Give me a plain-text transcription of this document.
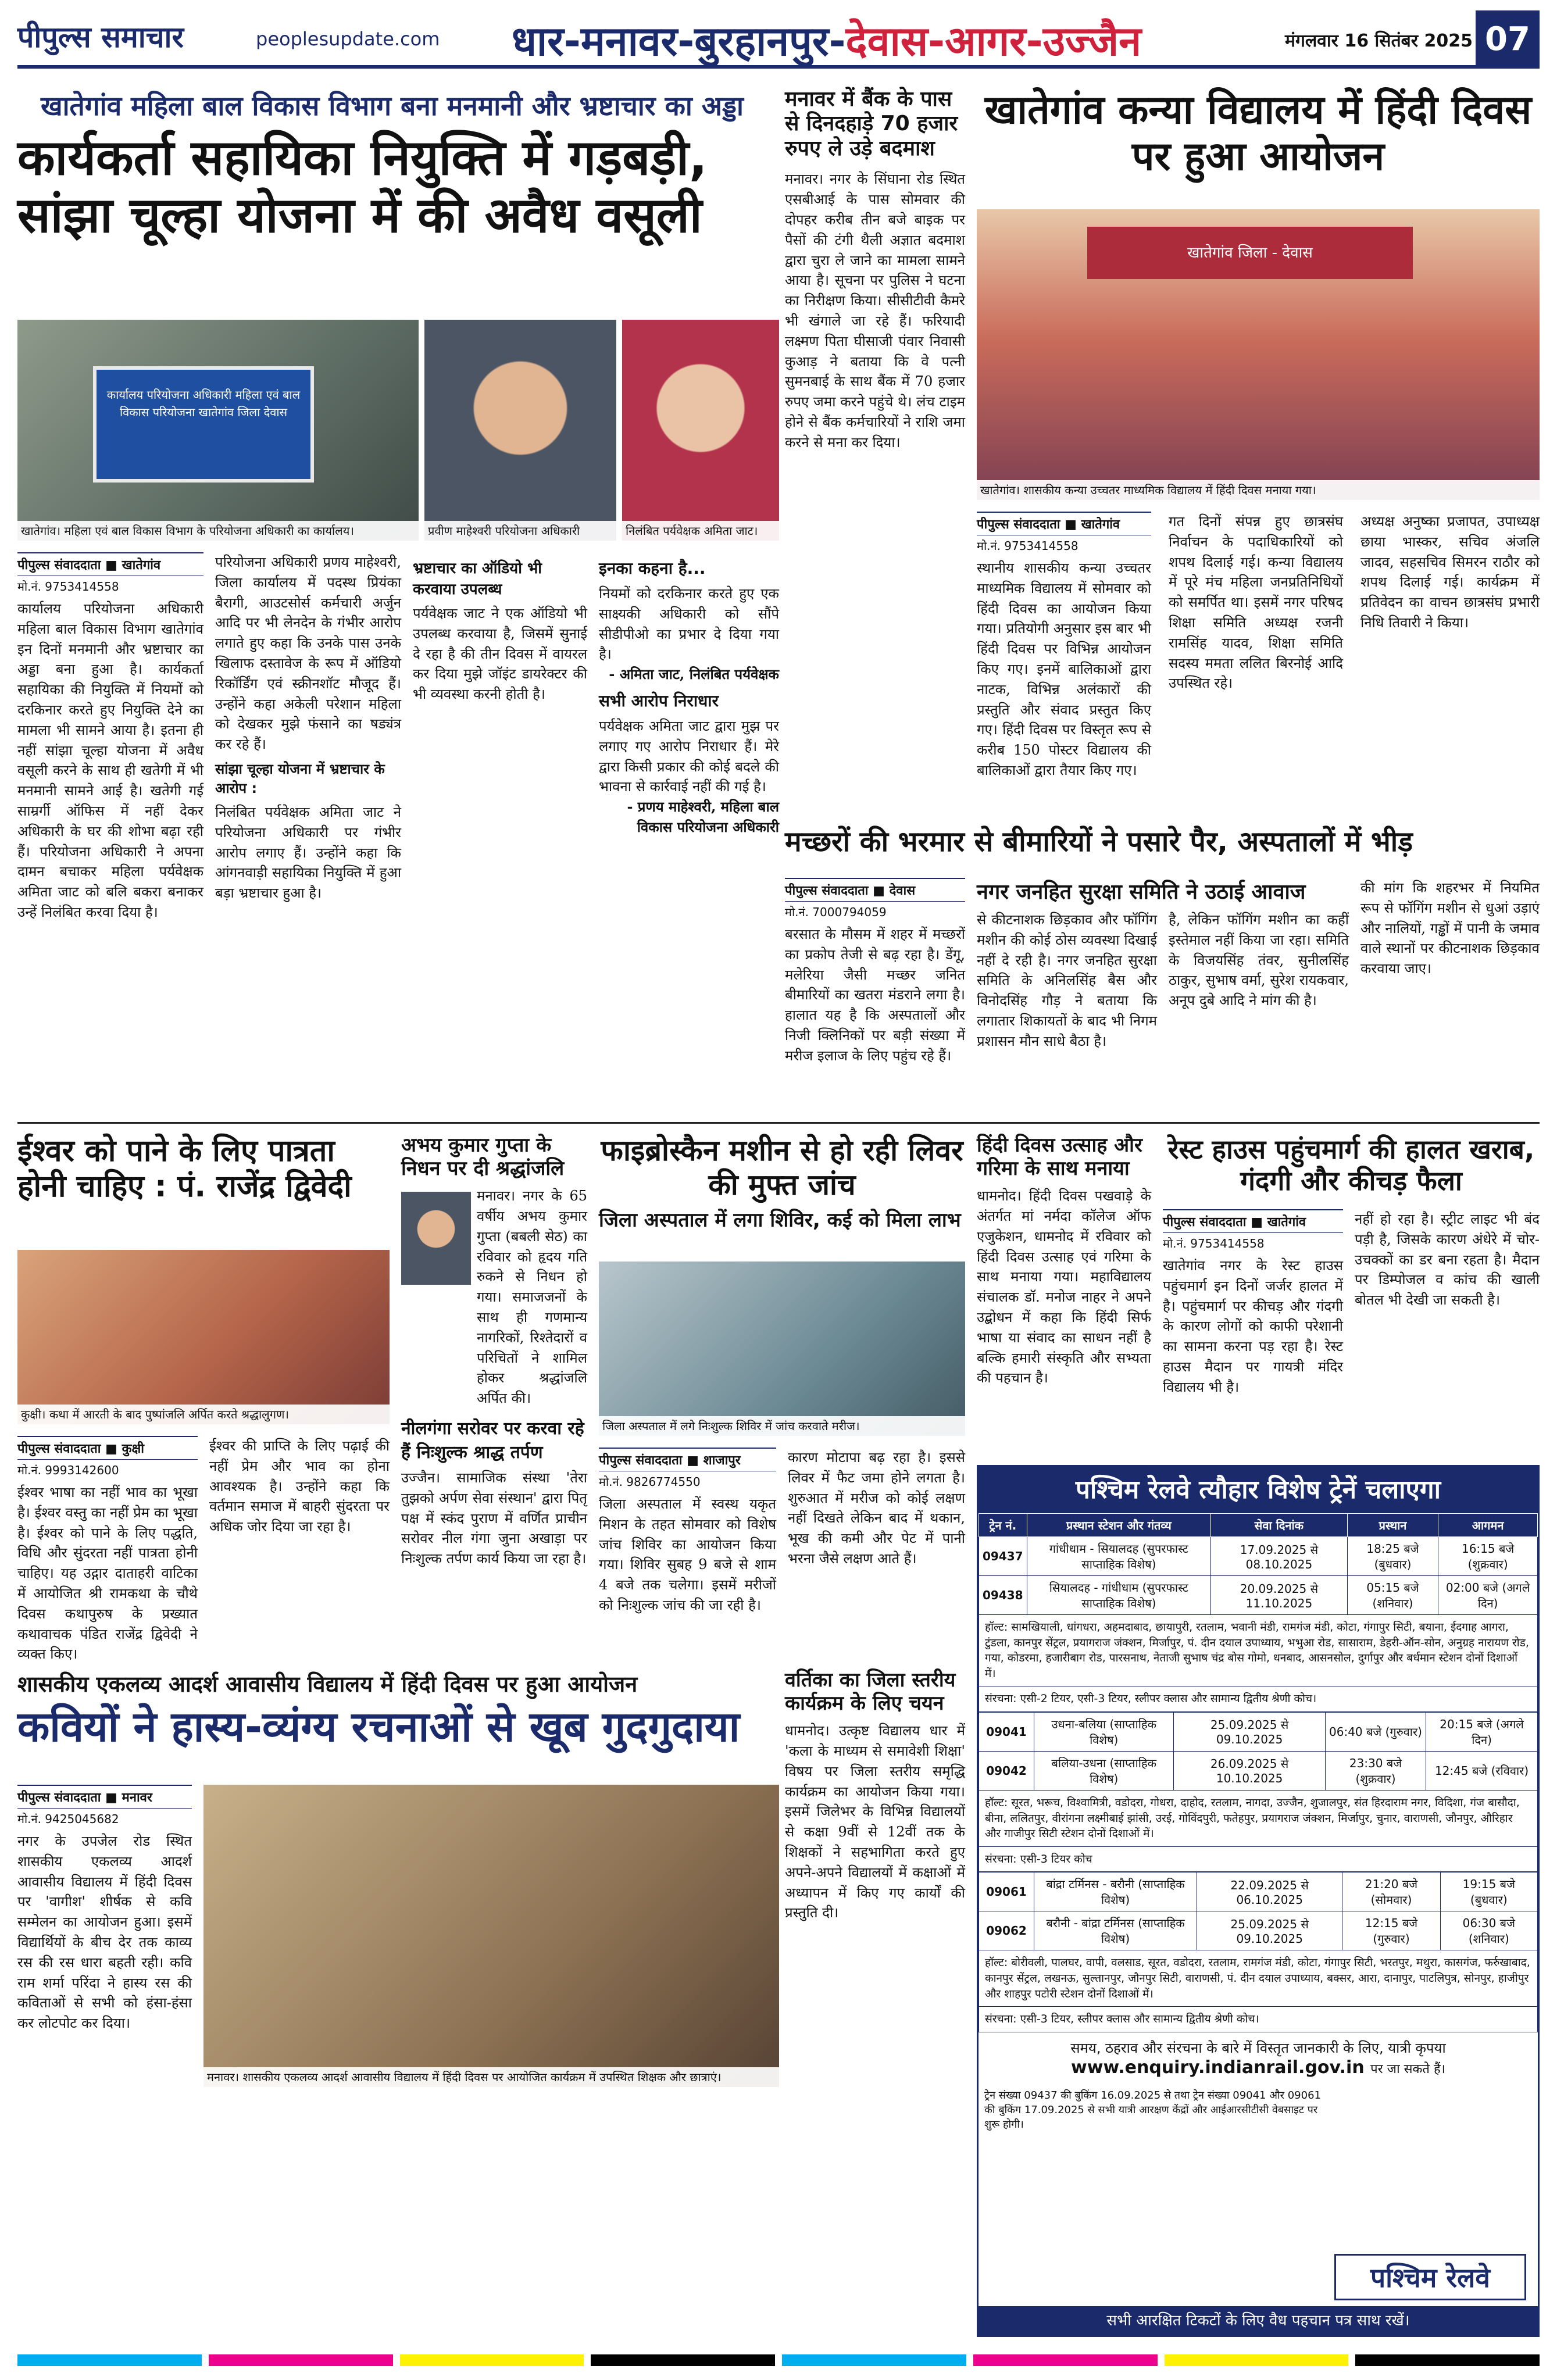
पीपुल्स समाचार	peoplesupdate.com धार-मनावर-बुरहानपुर-देवास-आगर-उज्जैन	मंगलवार 16 सितंबर 2025 07
खातेगांव महिला बाल विकास विभाग बना मनमानी और भ्रष्टाचार का अड्डा
कार्यकर्ता सहायिका नियुक्ति में गड़बड़ी, सांझा चूल्हा योजना में की अवैध वसूली
कार्यालय परियोजना अधिकारी महिला एवं बाल विकास परियोजना खातेगांव जिला देवास
खातेगांव। महिला एवं बाल विकास विभाग के परियोजना अधिकारी का कार्यालय।	प्रवीण माहेश्वरी परियोजना अधिकारी	निलंबित पर्यवेक्षक अमिता जाट।
पीपुल्स संवाददाता ■ खातेगांव
मो.नं. 9753414558
कार्यालय परियोजना अधिकारी महिला बाल विकास विभाग खातेगांव इन दिनों मनमानी और भ्रष्टाचार का अड्डा बना हुआ है। कार्यकर्ता सहायिका की नियुक्ति में नियमों को दरकिनार करते हुए नियुक्ति देने का मामला भी सामने आया है। इतना ही नहीं सांझा चूल्हा योजना में अवैध वसूली करने के साथ ही खतेगी में भी मनमानी सामने आई है। खतेगी गई साम्रर्गी ऑफिस में नहीं देकर अधिकारी के घर की शोभा बढ़ा रही हैं। परियोजना अधिकारी ने अपना दामन बचाकर महिला पर्यवेक्षक अमिता जाट को बलि बकरा बनाकर उन्हें निलंबित करवा दिया है।
परियोजना अधिकारी प्रणय माहेश्वरी, जिला कार्यालय में पदस्थ प्रियंका बैरागी, आउटसोर्स कर्मचारी अर्जुन आदि पर भी लेनदेन के गंभीर आरोप लगाते हुए कहा कि उनके पास उनके खिलाफ दस्तावेज के रूप में ऑडियो रिकॉर्डिंग एवं स्क्रीनशॉट मौजूद हैं। उन्होंने कहा अकेली परेशान महिला को देखकर मुझे फंसाने का षड्यंत्र कर रहे हैं।
सांझा चूल्हा योजना में भ्रष्टाचार के आरोप :
निलंबित पर्यवेक्षक अमिता जाट ने परियोजना अधिकारी पर गंभीर आरोप लगाए हैं। उन्होंने कहा कि आंगनवाड़ी सहायिका नियुक्ति में हुआ बड़ा भ्रष्टाचार हुआ है।
भ्रष्टाचार का ऑडियो भी करवाया उपलब्ध
पर्यवेक्षक जाट ने एक ऑडियो भी उपलब्ध करवाया है, जिसमें सुनाई दे रहा है की तीन दिवस में वायरल कर दिया मुझे जॉइंट डायरेक्टर की भी व्यवस्था करनी होती है।
इनका कहना है...
नियमों को दरकिनार करते हुए एक साक्ष्यकी अधिकारी को सौंपे सीडीपीओ का प्रभार दे दिया गया है।
- अमिता जाट, निलंबित पर्यवेक्षक
सभी आरोप निराधार
पर्यवेक्षक अमिता जाट द्वारा मुझ पर लगाए गए आरोप निराधार हैं। मेरे द्वारा किसी प्रकार की कोई बदले की भावना से कार्रवाई नहीं की गई है।
- प्रणय माहेश्वरी, महिला बाल विकास परियोजना अधिकारी
मनावर में बैंक के पास से दिनदहाड़े 70 हजार रुपए ले उड़े बदमाश
मनावर। नगर के सिंघाना रोड स्थित एसबीआई के पास सोमवार की दोपहर करीब तीन बजे बाइक पर पैसों की टंगी थैली अज्ञात बदमाश द्वारा चुरा ले जाने का मामला सामने आया है। सूचना पर पुलिस ने घटना का निरीक्षण किया। सीसीटीवी कैमरे भी खंगाले जा रहे हैं। फरियादी लक्ष्मण पिता घीसाजी पंवार निवासी कुआड़ ने बताया कि वे पत्नी सुमनबाई के साथ बैंक में 70 हजार रुपए जमा करने पहुंचे थे। लंच टाइम होने से बैंक कर्मचारियों ने राशि जमा करने से मना कर दिया।
खातेगांव कन्या विद्यालय में हिंदी दिवस पर हुआ आयोजन
खातेगांव जिला - देवास
खातेगांव। शासकीय कन्या उच्चतर माध्यमिक विद्यालय में हिंदी दिवस मनाया गया।
पीपुल्स संवाददाता ■ खातेगांव
मो.नं. 9753414558
स्थानीय शासकीय कन्या उच्चतर माध्यमिक विद्यालय में सोमवार को हिंदी दिवस का आयोजन किया गया। प्रतियोगी अनुसार इस बार भी हिंदी दिवस पर विभिन्न आयोजन किए गए। इनमें बालिकाओं द्वारा नाटक, विभिन्न अलंकारों की प्रस्तुति और संवाद प्रस्तुत किए गए। हिंदी दिवस पर विस्तृत रूप से करीब 150 पोस्टर विद्यालय की बालिकाओं द्वारा तैयार किए गए।
गत दिनों संपन्न हुए छात्रसंघ निर्वाचन के पदाधिकारियों को शपथ दिलाई गई। कन्या विद्यालय में पूरे मंच महिला जनप्रतिनिधियों को समर्पित था। इसमें नगर परिषद शिक्षा समिति अध्यक्ष रजनी रामसिंह यादव, शिक्षा समिति सदस्य ममता ललित बिरनोई आदि उपस्थित रहे।
अध्यक्ष अनुष्का प्रजापत, उपाध्यक्ष छाया भास्कर, सचिव अंजलि जादव, सहसचिव सिमरन राठौर को शपथ दिलाई गई। कार्यक्रम में प्रतिवेदन का वाचन छात्रसंघ प्रभारी निधि तिवारी ने किया।
मच्छरों की भरमार से बीमारियों ने पसारे पैर, अस्पतालों में भीड़
पीपुल्स संवाददाता ■ देवास
मो.नं. 7000794059
बरसात के मौसम में शहर में मच्छरों का प्रकोप तेजी से बढ़ रहा है। डेंगू, मलेरिया जैसी मच्छर जनित बीमारियों का खतरा मंडराने लगा है। हालात यह है कि अस्पतालों और निजी क्लिनिकों पर बड़ी संख्या में मरीज इलाज के लिए पहुंच रहे हैं।
नगर जनहित सुरक्षा समिति ने उठाई आवाज
से कीटनाशक छिड़काव और फॉगिंग मशीन की कोई ठोस व्यवस्था दिखाई नहीं दे रही है। नगर जनहित सुरक्षा समिति के अनिलसिंह बैस और विनोदसिंह गौड़ ने बताया कि लगातार शिकायतों के बाद भी निगम प्रशासन मौन साधे बैठा है।
है, लेकिन फॉगिंग मशीन का कहीं इस्तेमाल नहीं किया जा रहा। समिति के विजयसिंह तंवर, सुनीलसिंह ठाकुर, सुभाष वर्मा, सुरेश रायकवार, अनूप दुबे आदि ने मांग की है।
की मांग कि शहरभर में नियमित रूप से फॉगिंग मशीन से धुआं उड़ाएं और नालियों, गड्ढों में पानी के जमाव वाले स्थानों पर कीटनाशक छिड़काव करवाया जाए।
ईश्वर को पाने के लिए पात्रता होनी चाहिए : पं. राजेंद्र द्विवेदी
कुक्षी। कथा में आरती के बाद पुष्पांजलि अर्पित करते श्रद्धालुगण।
पीपुल्स संवाददाता ■ कुक्षी
मो.नं. 9993142600
ईश्वर भाषा का नहीं भाव का भूखा है। ईश्वर वस्तु का नहीं प्रेम का भूखा है। ईश्वर को पाने के लिए पद्धति, विधि और सुंदरता नहीं पात्रता होनी चाहिए। यह उद्गार दाताहरी वाटिका में आयोजित श्री रामकथा के चौथे दिवस कथापुरुष के प्रख्यात कथावाचक पंडित राजेंद्र द्विवेदी ने व्यक्त किए।
ईश्वर की प्राप्ति के लिए पढ़ाई की नहीं प्रेम और भाव का होना आवश्यक है। उन्होंने कहा कि वर्तमान समाज में बाहरी सुंदरता पर अधिक जोर दिया जा रहा है।
अभय कुमार गुप्ता के निधन पर दी श्रद्धांजलि
मनावर। नगर के 65 वर्षीय अभय कुमार गुप्ता (बबली सेठ) का रविवार को हृदय गति रुकने से निधन हो गया। समाजजनों के साथ ही गणमान्य नागरिकों, रिश्तेदारों व परिचितों ने शामिल होकर श्रद्धांजलि अर्पित की।
नीलगंगा सरोवर पर करवा रहे हैं निःशुल्क श्राद्ध तर्पण
उज्जैन। सामाजिक संस्था 'तेरा तुझको अर्पण सेवा संस्थान' द्वारा पितृ पक्ष में स्कंद पुराण में वर्णित प्राचीन सरोवर नील गंगा जुना अखाड़ा पर निःशुल्क तर्पण कार्य किया जा रहा है।
फाइब्रोस्कैन मशीन से हो रही लिवर की मुफ्त जांच
जिला अस्पताल में लगा शिविर, कई को मिला लाभ
जिला अस्पताल में लगे निःशुल्क शिविर में जांच करवाते मरीज।
पीपुल्स संवाददाता ■ शाजापुर
मो.नं. 9826774550
जिला अस्पताल में स्वस्थ यकृत मिशन के तहत सोमवार को विशेष जांच शिविर का आयोजन किया गया। शिविर सुबह 9 बजे से शाम 4 बजे तक चलेगा। इसमें मरीजों को निःशुल्क जांच की जा रही है।
कारण मोटापा बढ़ रहा है। इससे लिवर में फैट जमा होने लगता है। शुरुआत में मरीज को कोई लक्षण नहीं दिखते लेकिन बाद में थकान, भूख की कमी और पेट में पानी भरना जैसे लक्षण आते हैं।
हिंदी दिवस उत्साह और गरिमा के साथ मनाया
धामनोद। हिंदी दिवस पखवाड़े के अंतर्गत मां नर्मदा कॉलेज ऑफ एजुकेशन, धामनोद में रविवार को हिंदी दिवस उत्साह एवं गरिमा के साथ मनाया गया। महाविद्यालय संचालक डॉ. मनोज नाहर ने अपने उद्बोधन में कहा कि हिंदी सिर्फ भाषा या संवाद का साधन नहीं है बल्कि हमारी संस्कृति और सभ्यता की पहचान है।
रेस्ट हाउस पहुंचमार्ग की हालत खराब, गंदगी और कीचड़ फैला
पीपुल्स संवाददाता ■ खातेगांव
मो.नं. 9753414558
खातेगांव नगर के रेस्ट हाउस पहुंचमार्ग इन दिनों जर्जर हालत में है। पहुंचमार्ग पर कीचड़ और गंदगी के कारण लोगों को काफी परेशानी का सामना करना पड़ रहा है। रेस्ट हाउस मैदान पर गायत्री मंदिर विद्यालय भी है।
नहीं हो रहा है। स्ट्रीट लाइट भी बंद पड़ी है, जिसके कारण अंधेरे में चोर-उचक्कों का डर बना रहता है। मैदान पर डिम्पोजल व कांच की खाली बोतल भी देखी जा सकती है।
शासकीय एकलव्य आदर्श आवासीय विद्यालय में हिंदी दिवस पर हुआ आयोजन
कवियों ने हास्य-व्यंग्य रचनाओं से खूब गुदगुदाया
पीपुल्स संवाददाता ■ मनावर
मो.नं. 9425045682
नगर के उपजेल रोड स्थित शासकीय एकलव्य आदर्श आवासीय विद्यालय में हिंदी दिवस पर 'वागीश' शीर्षक से कवि सम्मेलन का आयोजन हुआ। इसमें विद्यार्थियों के बीच देर तक काव्य रस की रस धारा बहती रही। कवि राम शर्मा परिंदा ने हास्य रस की कविताओं से सभी को हंसा-हंसा कर लोटपोट कर दिया।
मनावर। शासकीय एकलव्य आदर्श आवासीय विद्यालय में हिंदी दिवस पर आयोजित कार्यक्रम में उपस्थित शिक्षक और छात्राएं।
वर्तिका का जिला स्तरीय कार्यक्रम के लिए चयन
धामनोद। उत्कृष्ट विद्यालय धार में 'कला के माध्यम से समावेशी शिक्षा' विषय पर जिला स्तरीय समृद्धि कार्यक्रम का आयोजन किया गया। इसमें जिलेभर के विभिन्न विद्यालयों से कक्षा 9वीं से 12वीं तक के शिक्षकों ने सहभागिता करते हुए अपने-अपने विद्यालयों में कक्षाओं में अध्यापन में किए गए कार्यों की प्रस्तुति दी।
पश्चिम रेलवे त्यौहार विशेष ट्रेनें चलाएगा
ट्रेन नं.	प्रस्थान स्टेशन और गंतव्य	सेवा दिनांक	प्रस्थान	आगमन
09437	गांधीधाम - सियालदह (सुपरफास्ट साप्ताहिक विशेष)	17.09.2025 से 08.10.2025	18:25 बजे (बुधवार)	16:15 बजे (शुक्रवार)
09438	सियालदह - गांधीधाम (सुपरफास्ट साप्ताहिक विशेष)	20.09.2025 से 11.10.2025	05:15 बजे (शनिवार)	02:00 बजे (अगले दिन)
हॉल्ट: सामखियाली, धांगधरा, अहमदाबाद, छायापुरी, रतलाम, भवानी मंडी, रामगंज मंडी, कोटा, गंगापुर सिटी, बयाना, ईदगाह आगरा, टुंडला, कानपुर सेंट्रल, प्रयागराज जंक्शन, मिर्जापुर, पं. दीन दयाल उपाध्याय, भभुआ रोड, सासाराम, डेहरी-ऑन-सोन, अनुग्रह नारायण रोड, गया, कोडरमा, हजारीबाग रोड, पारसनाथ, नेताजी सुभाष चंद्र बोस गोमो, धनबाद, आसनसोल, दुर्गापुर और बर्धमान स्टेशन दोनों दिशाओं में।
संरचना: एसी-2 टियर, एसी-3 टियर, स्लीपर क्लास और सामान्य द्वितीय श्रेणी कोच।
09041	उधना-बलिया (साप्ताहिक विशेष)	25.09.2025 से 09.10.2025	06:40 बजे (गुरुवार)	20:15 बजे (अगले दिन)
09042	बलिया-उधना (साप्ताहिक विशेष)	26.09.2025 से 10.10.2025	23:30 बजे (शुक्रवार)	12:45 बजे (रविवार)
हॉल्ट: सूरत, भरूच, विश्वामित्री, वडोदरा, गोधरा, दाहोद, रतलाम, नागदा, उज्जैन, शुजालपुर, संत हिरदाराम नगर, विदिशा, गंज बासौदा, बीना, ललितपुर, वीरांगना लक्ष्मीबाई झांसी, उरई, गोविंदपुरी, फतेहपुर, प्रयागराज जंक्शन, मिर्जापुर, चुनार, वाराणसी, जौनपुर, औरिहार और गाजीपुर सिटी स्टेशन दोनों दिशाओं में।
संरचना: एसी-3 टियर कोच
09061	बांद्रा टर्मिनस - बरौनी (साप्ताहिक विशेष)	22.09.2025 से 06.10.2025	21:20 बजे (सोमवार)	19:15 बजे (बुधवार)
09062	बरौनी - बांद्रा टर्मिनस (साप्ताहिक विशेष)	25.09.2025 से 09.10.2025	12:15 बजे (गुरुवार)	06:30 बजे (शनिवार)
हॉल्ट: बोरीवली, पालघर, वापी, वलसाड, सूरत, वडोदरा, रतलाम, रामगंज मंडी, कोटा, गंगापुर सिटी, भरतपुर, मथुरा, कासगंज, फर्रुखाबाद, कानपुर सेंट्रल, लखनऊ, सुल्तानपुर, जौनपुर सिटी, वाराणसी, पं. दीन दयाल उपाध्याय, बक्सर, आरा, दानापुर, पाटलिपुत्र, सोनपुर, हाजीपुर और शाहपुर पटोरी स्टेशन दोनों दिशाओं में।
संरचना: एसी-3 टियर, स्लीपर क्लास और सामान्य द्वितीय श्रेणी कोच।
समय, ठहराव और संरचना के बारे में विस्तृत जानकारी के लिए, यात्री कृपया
www.enquiry.indianrail.gov.in पर जा सकते हैं।
ट्रेन संख्या 09437 की बुकिंग 16.09.2025 से तथा ट्रेन संख्या 09041 और 09061 की बुकिंग 17.09.2025 से सभी यात्री आरक्षण केंद्रों और आईआरसीटीसी वेबसाइट पर शुरू होगी।
पश्चिम रेलवे
सभी आरक्षित टिकटों के लिए वैध पहचान पत्र साथ रखें।
